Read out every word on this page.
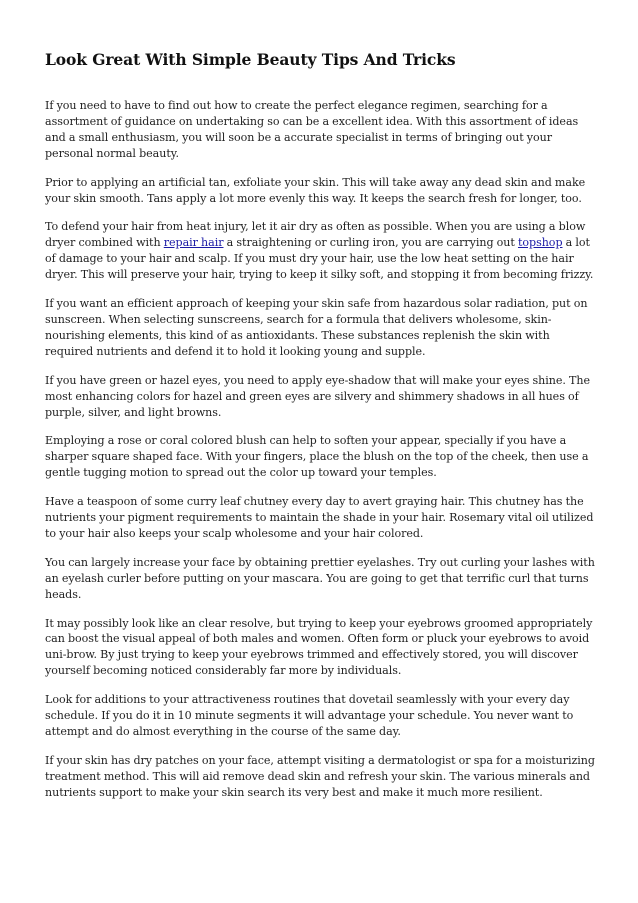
Look Great With Simple Beauty Tips And Tricks

If you need to have to find out how to create the perfect elegance regimen, searching for a assortment of guidance on undertaking so can be a excellent idea. With this assortment of ideas and a small enthusiasm, you will soon be a accurate specialist in terms of bringing out your personal normal beauty.

Prior to applying an artificial tan, exfoliate your skin. This will take away any dead skin and make your skin smooth. Tans apply a lot more evenly this way. It keeps the search fresh for longer, too.

To defend your hair from heat injury, let it air dry as often as possible. When you are using a blow dryer combined with repair hair a straightening or curling iron, you are carrying out topshop a lot of damage to your hair and scalp. If you must dry your hair, use the low heat setting on the hair dryer. This will preserve your hair, trying to keep it silky soft, and stopping it from becoming frizzy.

If you want an efficient approach of keeping your skin safe from hazardous solar radiation, put on sunscreen. When selecting sunscreens, search for a formula that delivers wholesome, skin-nourishing elements, this kind of as antioxidants. These substances replenish the skin with required nutrients and defend it to hold it looking young and supple.

If you have green or hazel eyes, you need to apply eye-shadow that will make your eyes shine. The most enhancing colors for hazel and green eyes are silvery and shimmery shadows in all hues of purple, silver, and light browns.

Employing a rose or coral colored blush can help to soften your appear, specially if you have a sharper square shaped face. With your fingers, place the blush on the top of the cheek, then use a gentle tugging motion to spread out the color up toward your temples.

Have a teaspoon of some curry leaf chutney every day to avert graying hair. This chutney has the nutrients your pigment requirements to maintain the shade in your hair. Rosemary vital oil utilized to your hair also keeps your scalp wholesome and your hair colored.

You can largely increase your face by obtaining prettier eyelashes. Try out curling your lashes with an eyelash curler before putting on your mascara. You are going to get that terrific curl that turns heads.

It may possibly look like an clear resolve, but trying to keep your eyebrows groomed appropriately can boost the visual appeal of both males and women. Often form or pluck your eyebrows to avoid uni-brow. By just trying to keep your eyebrows trimmed and effectively stored, you will discover yourself becoming noticed considerably far more by individuals.

Look for additions to your attractiveness routines that dovetail seamlessly with your every day schedule. If you do it in 10 minute segments it will advantage your schedule. You never want to attempt and do almost everything in the course of the same day.

If your skin has dry patches on your face, attempt visiting a dermatologist or spa for a moisturizing treatment method. This will aid remove dead skin and refresh your skin. The various minerals and nutrients support to make your skin search its very best and make it much more resilient.
